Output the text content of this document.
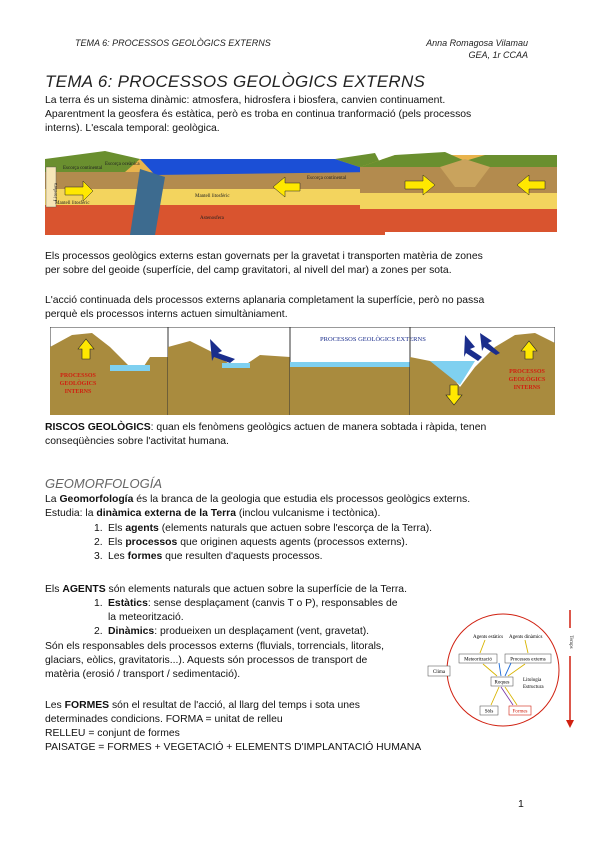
TEMA 6: PROCESSOS GEOLÒGICS EXTERNS	Anna Romagosa Vilamau
GEA, 1r CCAA
TEMA 6: PROCESSOS GEOLÒGICS EXTERNS
La terra és un sistema dinàmic: atmosfera, hidrosfera i biosfera, canvien continuament.
Aparentment la geosfera és estàtica, però es troba en continua tranformació (pels processos
interns). L'escala temporal: geològica.
Escorça continental
Escorça oceànica
Mantell litosfèric
Mantell litosfèric
Astenosfera
Litosfera
Escorça continental
Els processos geològics externs estan governats per la gravetat i transporten matèria de zones
per sobre del geoide (superfície, del camp gravitatori, al nivell del mar) a zones per sota.
L'acció continuada dels processos externs aplanaria completament la superfície, però no passa
perquè els processos interns actuen simultàniament.
PROCESSOS
GEOLÒGICS
INTERNS
PROCESSOS GEOLÒGICS EXTERNS
PROCESSOS
GEOLÒGICS
INTERNS
RISCOS GEOLÒGICS: quan els fenòmens geològics actuen de manera sobtada i ràpida, tenen
conseqüències sobre l'activitat humana.
GEOMORFOLOGÍA
La Geomorfología és la branca de la geologia que estudia els processos geològics externs.
Estudia: la dinàmica externa de la Terra (inclou vulcanisme i tectònica).
1. Els agents (elements naturals que actuen sobre l'escorça de la Terra).
2. Els processos que originen aquests agents (processos externs).
3. Les formes que resulten d'aquests processos.
Els AGENTS són elements naturals que actuen sobre la superfície de la Terra.
1. Estàtics: sense desplaçament (canvis T o P), responsables de
la meteorització.
2. Dinàmics: produeixen un desplaçament (vent, gravetat).
Són els responsables dels processos externs (fluvials, torrencials, litorals,
glaciars, eòlics, gravitatoris...). Aquests són processos de transport de
matèria (erosió / transport / sedimentació).
Les FORMES són el resultat de l'acció, al llarg del temps i sota unes
determinades condicions. FORMA = unitat de relleu
RELLEU = conjunt de formes
PAISATGE = FORMES + VEGETACIÓ + ELEMENTS D'IMPLANTACIÓ HUMANA
Temps
Clima
Agents estàtics Agents dinàmics
Meteorització	Processos externs
Roques	Litologia
Estructura
Sòls	Formes
1
